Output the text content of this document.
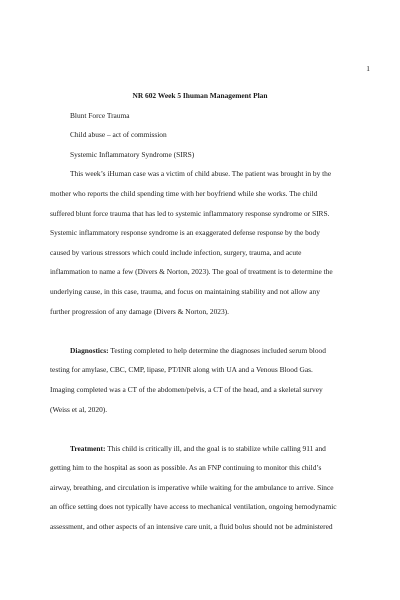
1
NR 602 Week 5 Ihuman Management Plan
Blunt Force Trauma
Child abuse – act of commission
Systemic Inflammatory Syndrome (SIRS)
This week’s iHuman case was a victim of child abuse. The patient was brought in by the
mother who reports the child spending time with her boyfriend while she works. The child
suffered blunt force trauma that has led to systemic inflammatory response syndrome or SIRS.
Systemic inflammatory response syndrome is an exaggerated defense response by the body
caused by various stressors which could include infection, surgery, trauma, and acute
inflammation to name a few (Divers & Norton, 2023). The goal of treatment is to determine the
underlying cause, in this case, trauma, and focus on maintaining stability and not allow any
further progression of any damage (Divers & Norton, 2023).
Diagnostics: Testing completed to help determine the diagnoses included serum blood
testing for amylase, CBC, CMP, lipase, PT/INR along with UA and a Venous Blood Gas.
Imaging completed was a CT of the abdomen/pelvis, a CT of the head, and a skeletal survey
(Weiss et al, 2020).
Treatment: This child is critically ill, and the goal is to stabilize while calling 911 and
getting him to the hospital as soon as possible. As an FNP continuing to monitor this child’s
airway, breathing, and circulation is imperative while waiting for the ambulance to arrive. Since
an office setting does not typically have access to mechanical ventilation, ongoing hemodynamic
assessment, and other aspects of an intensive care unit, a fluid bolus should not be administered
